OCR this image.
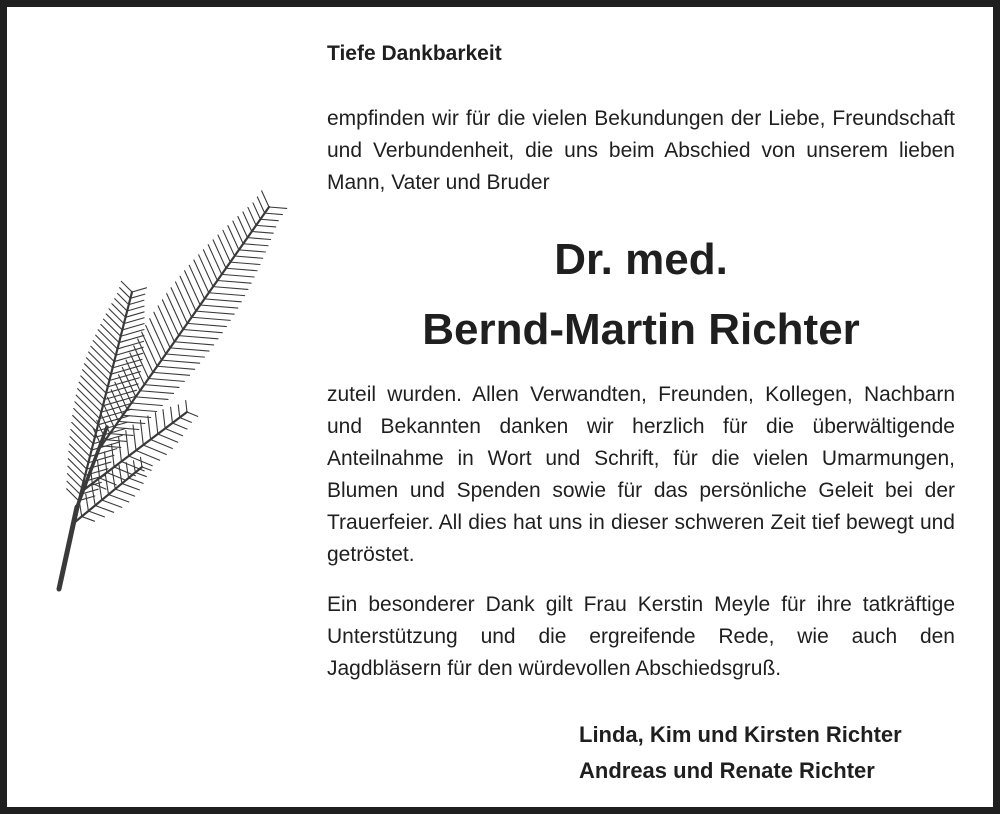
Tiefe Dankbarkeit

empfinden wir für die vielen Bekundungen der Liebe, Freundschaft und Verbundenheit, die uns beim Abschied von unserem lieben Mann, Vater und Bruder

Dr. med.
Bernd-Martin Richter

zuteil wurden. Allen Verwandten, Freunden, Kollegen, Nachbarn und Bekannten danken wir herzlich für die überwältigende Anteilnahme in Wort und Schrift, für die vielen Umarmungen, Blumen und Spenden sowie für das persönliche Geleit bei der Trauerfeier. All dies hat uns in dieser schweren Zeit tief bewegt und getröstet.

Ein besonderer Dank gilt Frau Kerstin Meyle für ihre tatkräftige Unterstützung und die ergreifende Rede, wie auch den Jagdbläsern für den würdevollen Abschiedsgruß.

Linda, Kim und Kirsten Richter
Andreas und Renate Richter
